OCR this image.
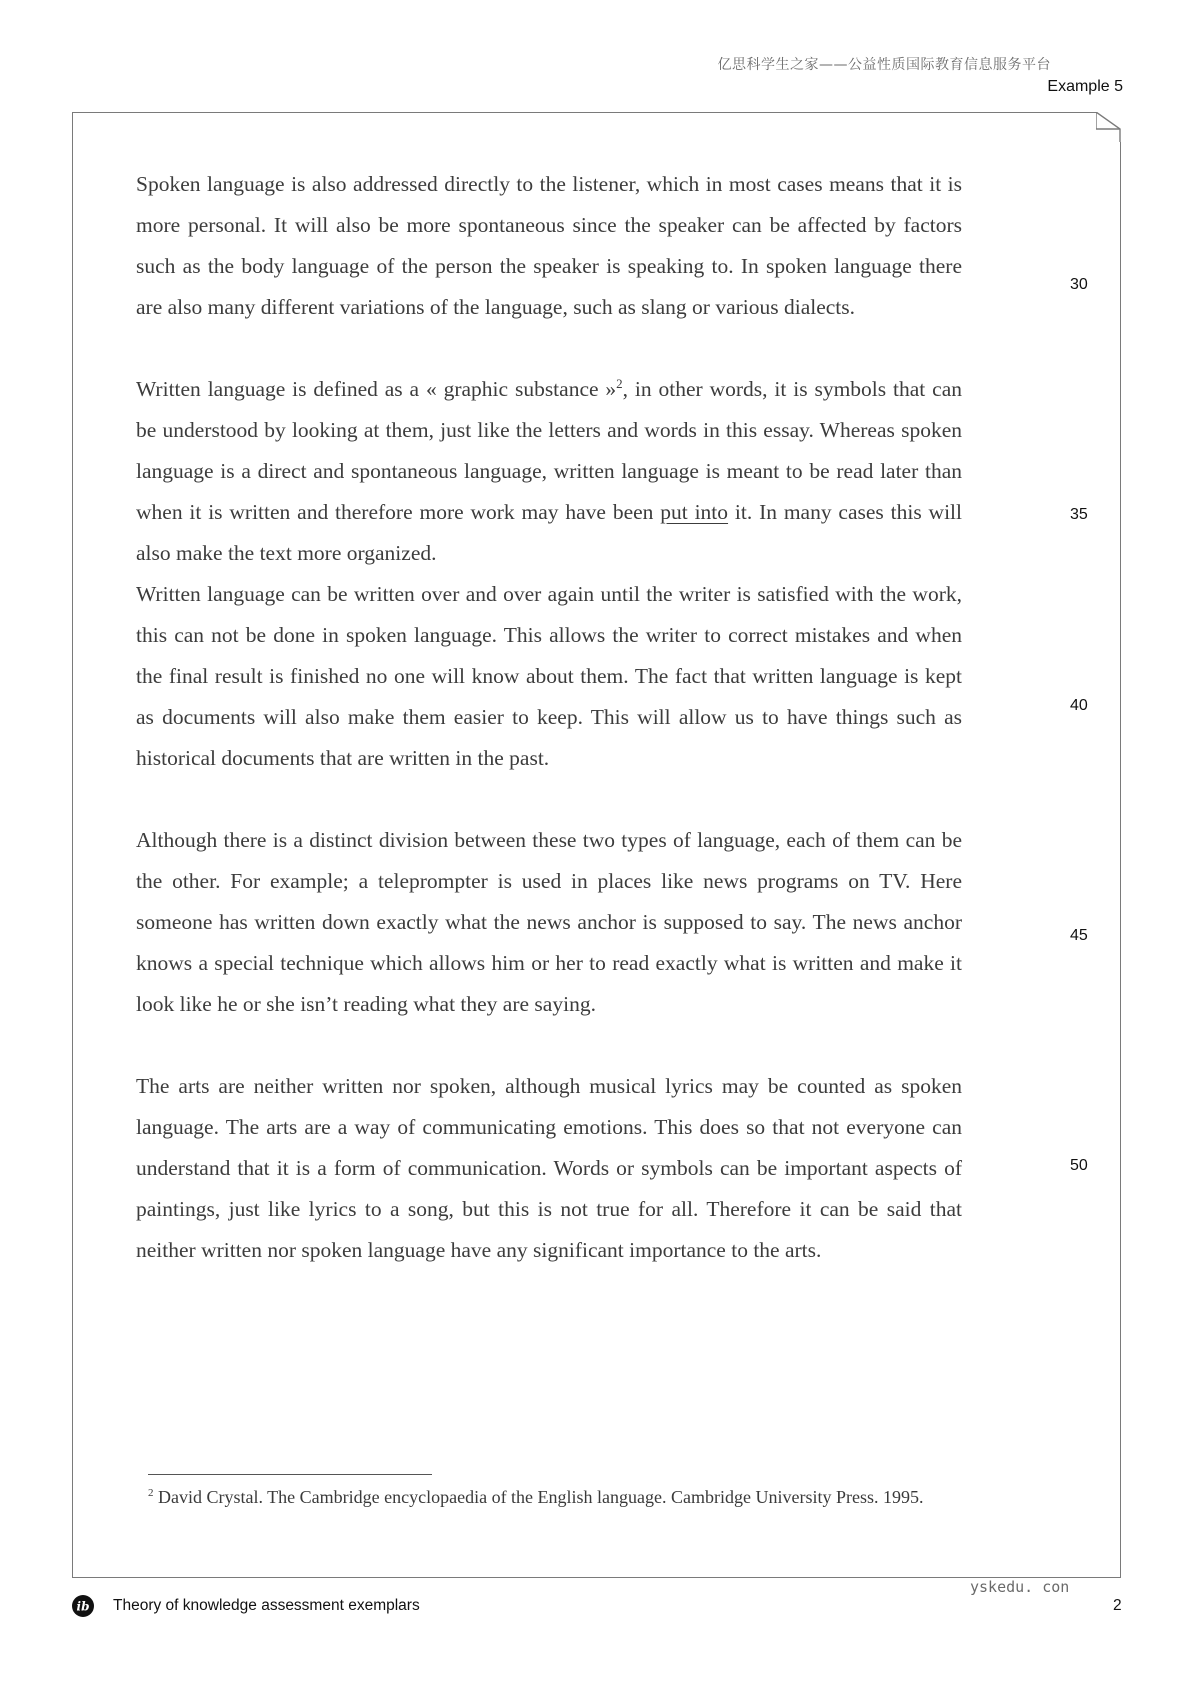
亿思科学生之家——公益性质国际教育信息服务平台
Example 5

Spoken language is also addressed directly to the listener, which in most cases means that it is more personal. It will also be more spontaneous since the speaker can be affected by factors such as the body language of the person the speaker is speaking to. In spoken language there are also many different variations of the language, such as slang or various dialects.

Written language is defined as a « graphic substance »$^2$, in other words, it is symbols that can be understood by looking at them, just like the letters and words in this essay. Whereas spoken language is a direct and spontaneous language, written language is meant to be read later than when it is written and therefore more work may have been put into it. In many cases this will also make the text more organized.

Written language can be written over and over again until the writer is satisfied with the work, this can not be done in spoken language. This allows the writer to correct mistakes and when the final result is finished no one will know about them. The fact that written language is kept as documents will also make them easier to keep. This will allow us to have things such as historical documents that are written in the past.

Although there is a distinct division between these two types of language, each of them can be the other. For example; a teleprompter is used in places like news programs on TV. Here someone has written down exactly what the news anchor is supposed to say. The news anchor knows a special technique which allows him or her to read exactly what is written and make it look like he or she isn’t reading what they are saying.

The arts are neither written nor spoken, although musical lyrics may be counted as spoken language. The arts are a way of communicating emotions. This does so that not everyone can understand that it is a form of communication. Words or symbols can be important aspects of paintings, just like lyrics to a song, but this is not true for all. Therefore it can be said that neither written nor spoken language have any significant importance to the arts.

30
35
40
45
50
$^2$ David Crystal. The Cambridge encyclopaedia of the English language. Cambridge University Press. 1995.
yskedu. con
ib Theory of knowledge assessment exemplars	2
